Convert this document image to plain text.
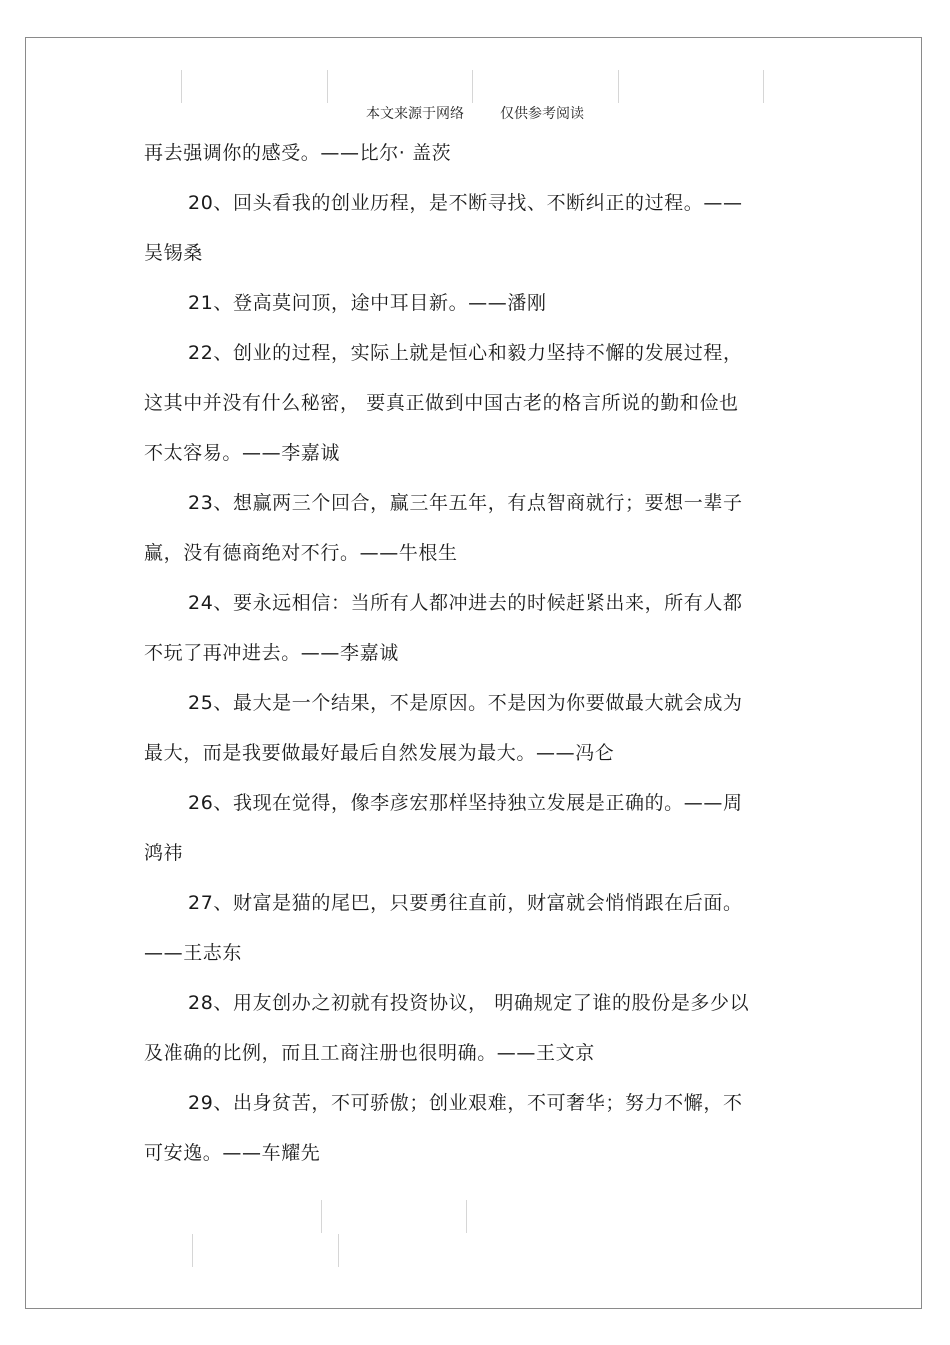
本文来源于网络	仅供参考阅读
再去强调你的感受。——比尔· 盖茨
20、回头看我的创业历程，是不断寻找、不断纠正的过程。——
吴锡桑
21、登高莫问顶，途中耳目新。——潘刚
22、创业的过程，实际上就是恒心和毅力坚持不懈的发展过程，
这其中并没有什么秘密， 要真正做到中国古老的格言所说的勤和俭也
不太容易。——李嘉诚
23、想赢两三个回合，赢三年五年，有点智商就行；要想一辈子
赢，没有德商绝对不行。——牛根生
24、要永远相信：当所有人都冲进去的时候赶紧出来，所有人都
不玩了再冲进去。——李嘉诚
25、最大是一个结果，不是原因。不是因为你要做最大就会成为
最大，而是我要做最好最后自然发展为最大。——冯仑
26、我现在觉得，像李彦宏那样坚持独立发展是正确的。——周
鸿祎
27、财富是猫的尾巴，只要勇往直前，财富就会悄悄跟在后面。
——王志东
28、用友创办之初就有投资协议， 明确规定了谁的股份是多少以
及准确的比例，而且工商注册也很明确。——王文京
29、出身贫苦，不可骄傲；创业艰难，不可奢华；努力不懈，不
可安逸。——车耀先
